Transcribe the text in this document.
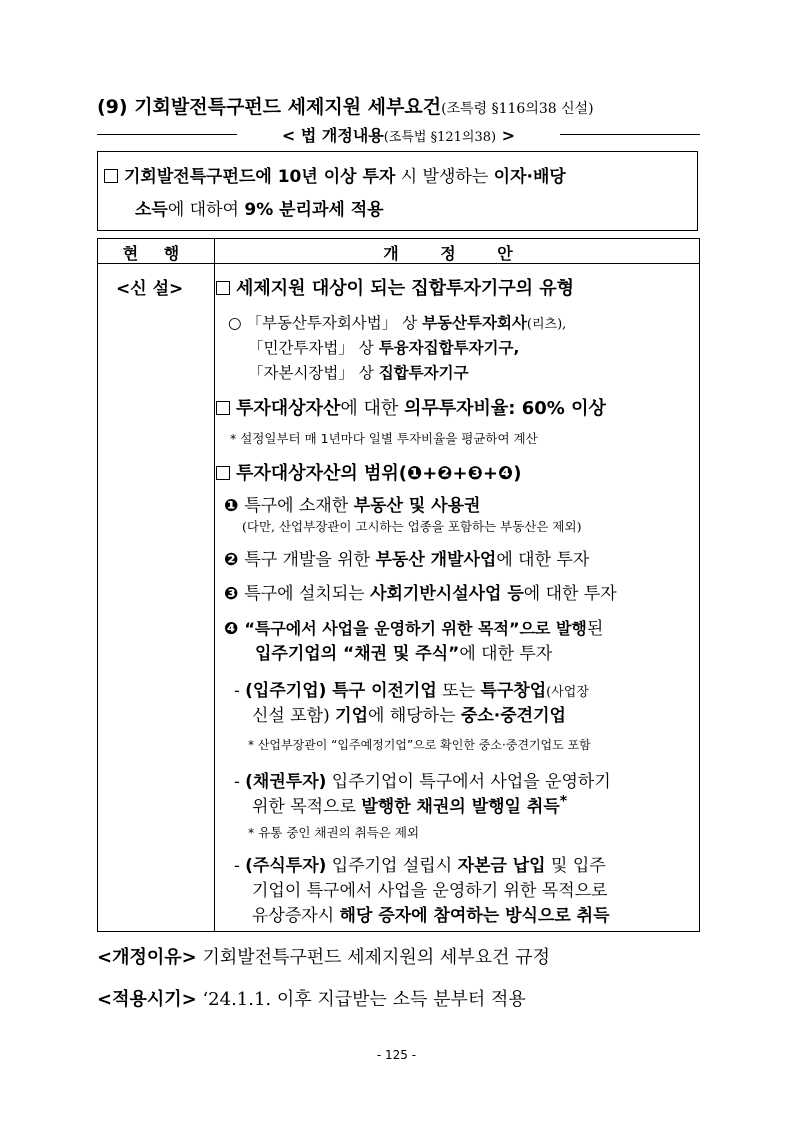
(9) 기회발전특구펀드 세제지원 세부요건(조특령 §116의38 신설)
< 법 개정내용(조특법 §121의38) >
기회발전특구펀드에 10년 이상 투자 시 발생하는 이자·배당
소득에 대하여 9% 분리과세 적용
현 행	개 정 안
<신 설>	세제지원 대상이 되는 집합투자기구의 유형
○ 「부동산투자회사법」 상 부동산투자회사(리츠),
「민간투자법」 상 투융자집합투자기구,
「자본시장법」 상 집합투자기구
투자대상자산에 대한 의무투자비율: 60% 이상
* 설정일부터 매 1년마다 일별 투자비율을 평균하여 계산
투자대상자산의 범위(❶+❷+❸+❹)
❶ 특구에 소재한 부동산 및 사용권
(다만, 산업부장관이 고시하는 업종을 포함하는 부동산은 제외)
❷ 특구 개발을 위한 부동산 개발사업에 대한 투자
❸ 특구에 설치되는 사회기반시설사업 등에 대한 투자
❹ “특구에서 사업을 운영하기 위한 목적”으로 발행된
입주기업의 “채권 및 주식”에 대한 투자
- (입주기업) 특구 이전기업 또는 특구창업(사업장
신설 포함) 기업에 해당하는 중소·중견기업
* 산업부장관이 “입주예정기업”으로 확인한 중소·중견기업도 포함
- (채권투자) 입주기업이 특구에서 사업을 운영하기
위한 목적으로 발행한 채권의 발행일 취득*
* 유통 중인 채권의 취득은 제외
- (주식투자) 입주기업 설립시 자본금 납입 및 입주
기업이 특구에서 사업을 운영하기 위한 목적으로
유상증자시 해당 증자에 참여하는 방식으로 취득
<개정이유> 기회발전특구펀드 세제지원의 세부요건 규정
<적용시기> ‘24.1.1. 이후 지급받는 소득 분부터 적용
- 125 -
